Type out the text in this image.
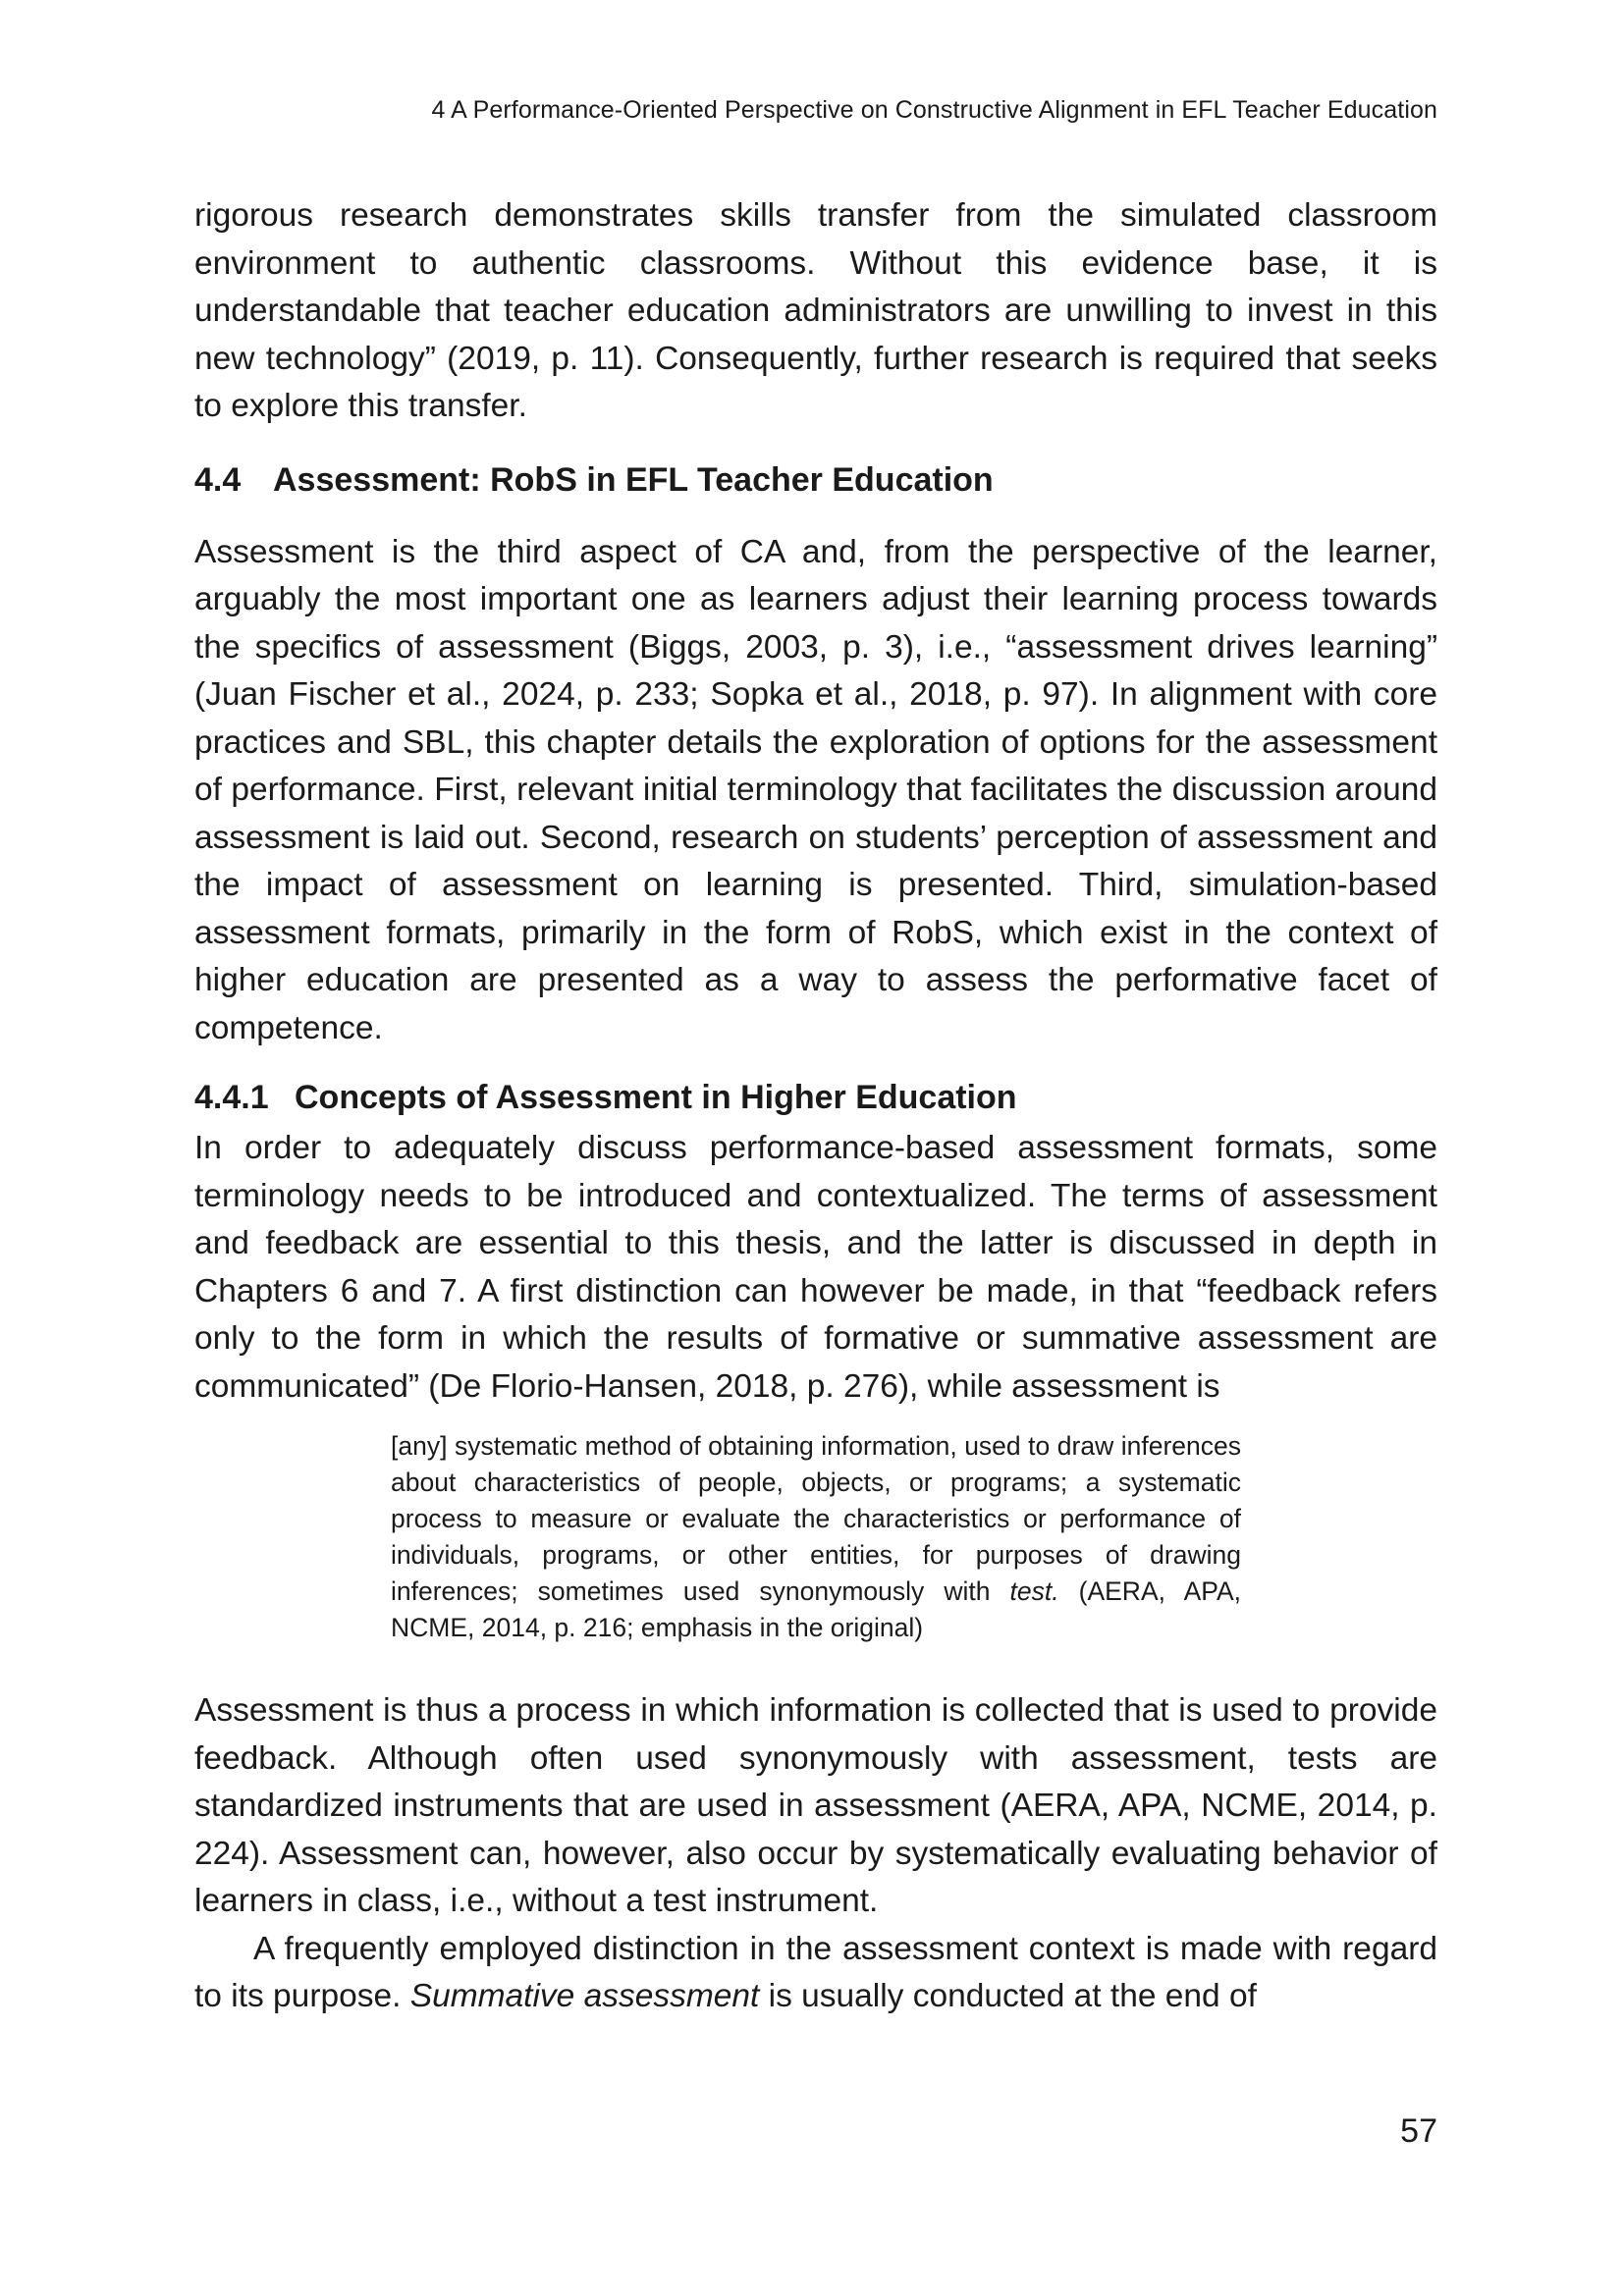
4 A Performance-Oriented Perspective on Constructive Alignment in EFL Teacher Education

rigorous research demonstrates skills transfer from the simulated classroom environment to authentic classrooms. Without this evidence base, it is understandable that teacher education administrators are unwilling to invest in this new technology” (2019, p. 11). Consequently, further research is required that seeks to explore this transfer.

4.4 Assessment: RobS in EFL Teacher Education

Assessment is the third aspect of CA and, from the perspective of the learner, arguably the most important one as learners adjust their learning process towards the specifics of assessment (Biggs, 2003, p. 3), i.e., “assessment drives learning” (Juan Fischer et al., 2024, p. 233; Sopka et al., 2018, p. 97). In alignment with core practices and SBL, this chapter details the exploration of options for the assessment of performance. First, relevant initial terminology that facilitates the discussion around assessment is laid out. Second, research on students’ perception of assessment and the impact of assessment on learning is presented. Third, simulation-based assessment formats, primarily in the form of RobS, which exist in the context of higher education are presented as a way to assess the performative facet of competence.

4.4.1 Concepts of Assessment in Higher Education

In order to adequately discuss performance-based assessment formats, some terminology needs to be introduced and contextualized. The terms of assessment and feedback are essential to this thesis, and the latter is discussed in depth in Chapters 6 and 7. A first distinction can however be made, in that “feedback refers only to the form in which the results of formative or summative assessment are communicated” (De Florio-Hansen, 2018, p. 276), while assessment is

[any] systematic method of obtaining information, used to draw inferences about characteristics of people, objects, or programs; a systematic process to measure or evaluate the characteristics or performance of individuals, programs, or other entities, for purposes of drawing inferences; sometimes used synonymously with test. (AERA, APA, NCME, 2014, p. 216; emphasis in the original)

Assessment is thus a process in which information is collected that is used to provide feedback. Although often used synonymously with assessment, tests are standardized instruments that are used in assessment (AERA, APA, NCME, 2014, p. 224). Assessment can, however, also occur by systematically evaluating behavior of learners in class, i.e., without a test instrument.

A frequently employed distinction in the assessment context is made with regard to its purpose. Summative assessment is usually conducted at the end of

57
